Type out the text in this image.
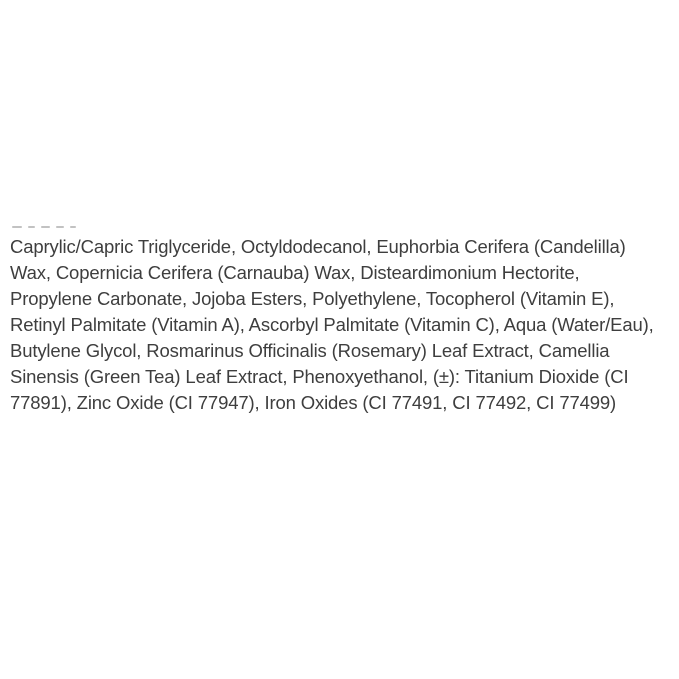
Caprylic/Capric Triglyceride, Octyldodecanol, Euphorbia Cerifera (Candelilla)
Wax, Copernicia Cerifera (Carnauba) Wax, Disteardimonium Hectorite,
Propylene Carbonate, Jojoba Esters, Polyethylene, Tocopherol (Vitamin E),
Retinyl Palmitate (Vitamin A), Ascorbyl Palmitate (Vitamin C), Aqua (Water/Eau),
Butylene Glycol, Rosmarinus Officinalis (Rosemary) Leaf Extract, Camellia
Sinensis (Green Tea) Leaf Extract, Phenoxyethanol, (±): Titanium Dioxide (CI
77891), Zinc Oxide (CI 77947), Iron Oxides (CI 77491, CI 77492, CI 77499)
